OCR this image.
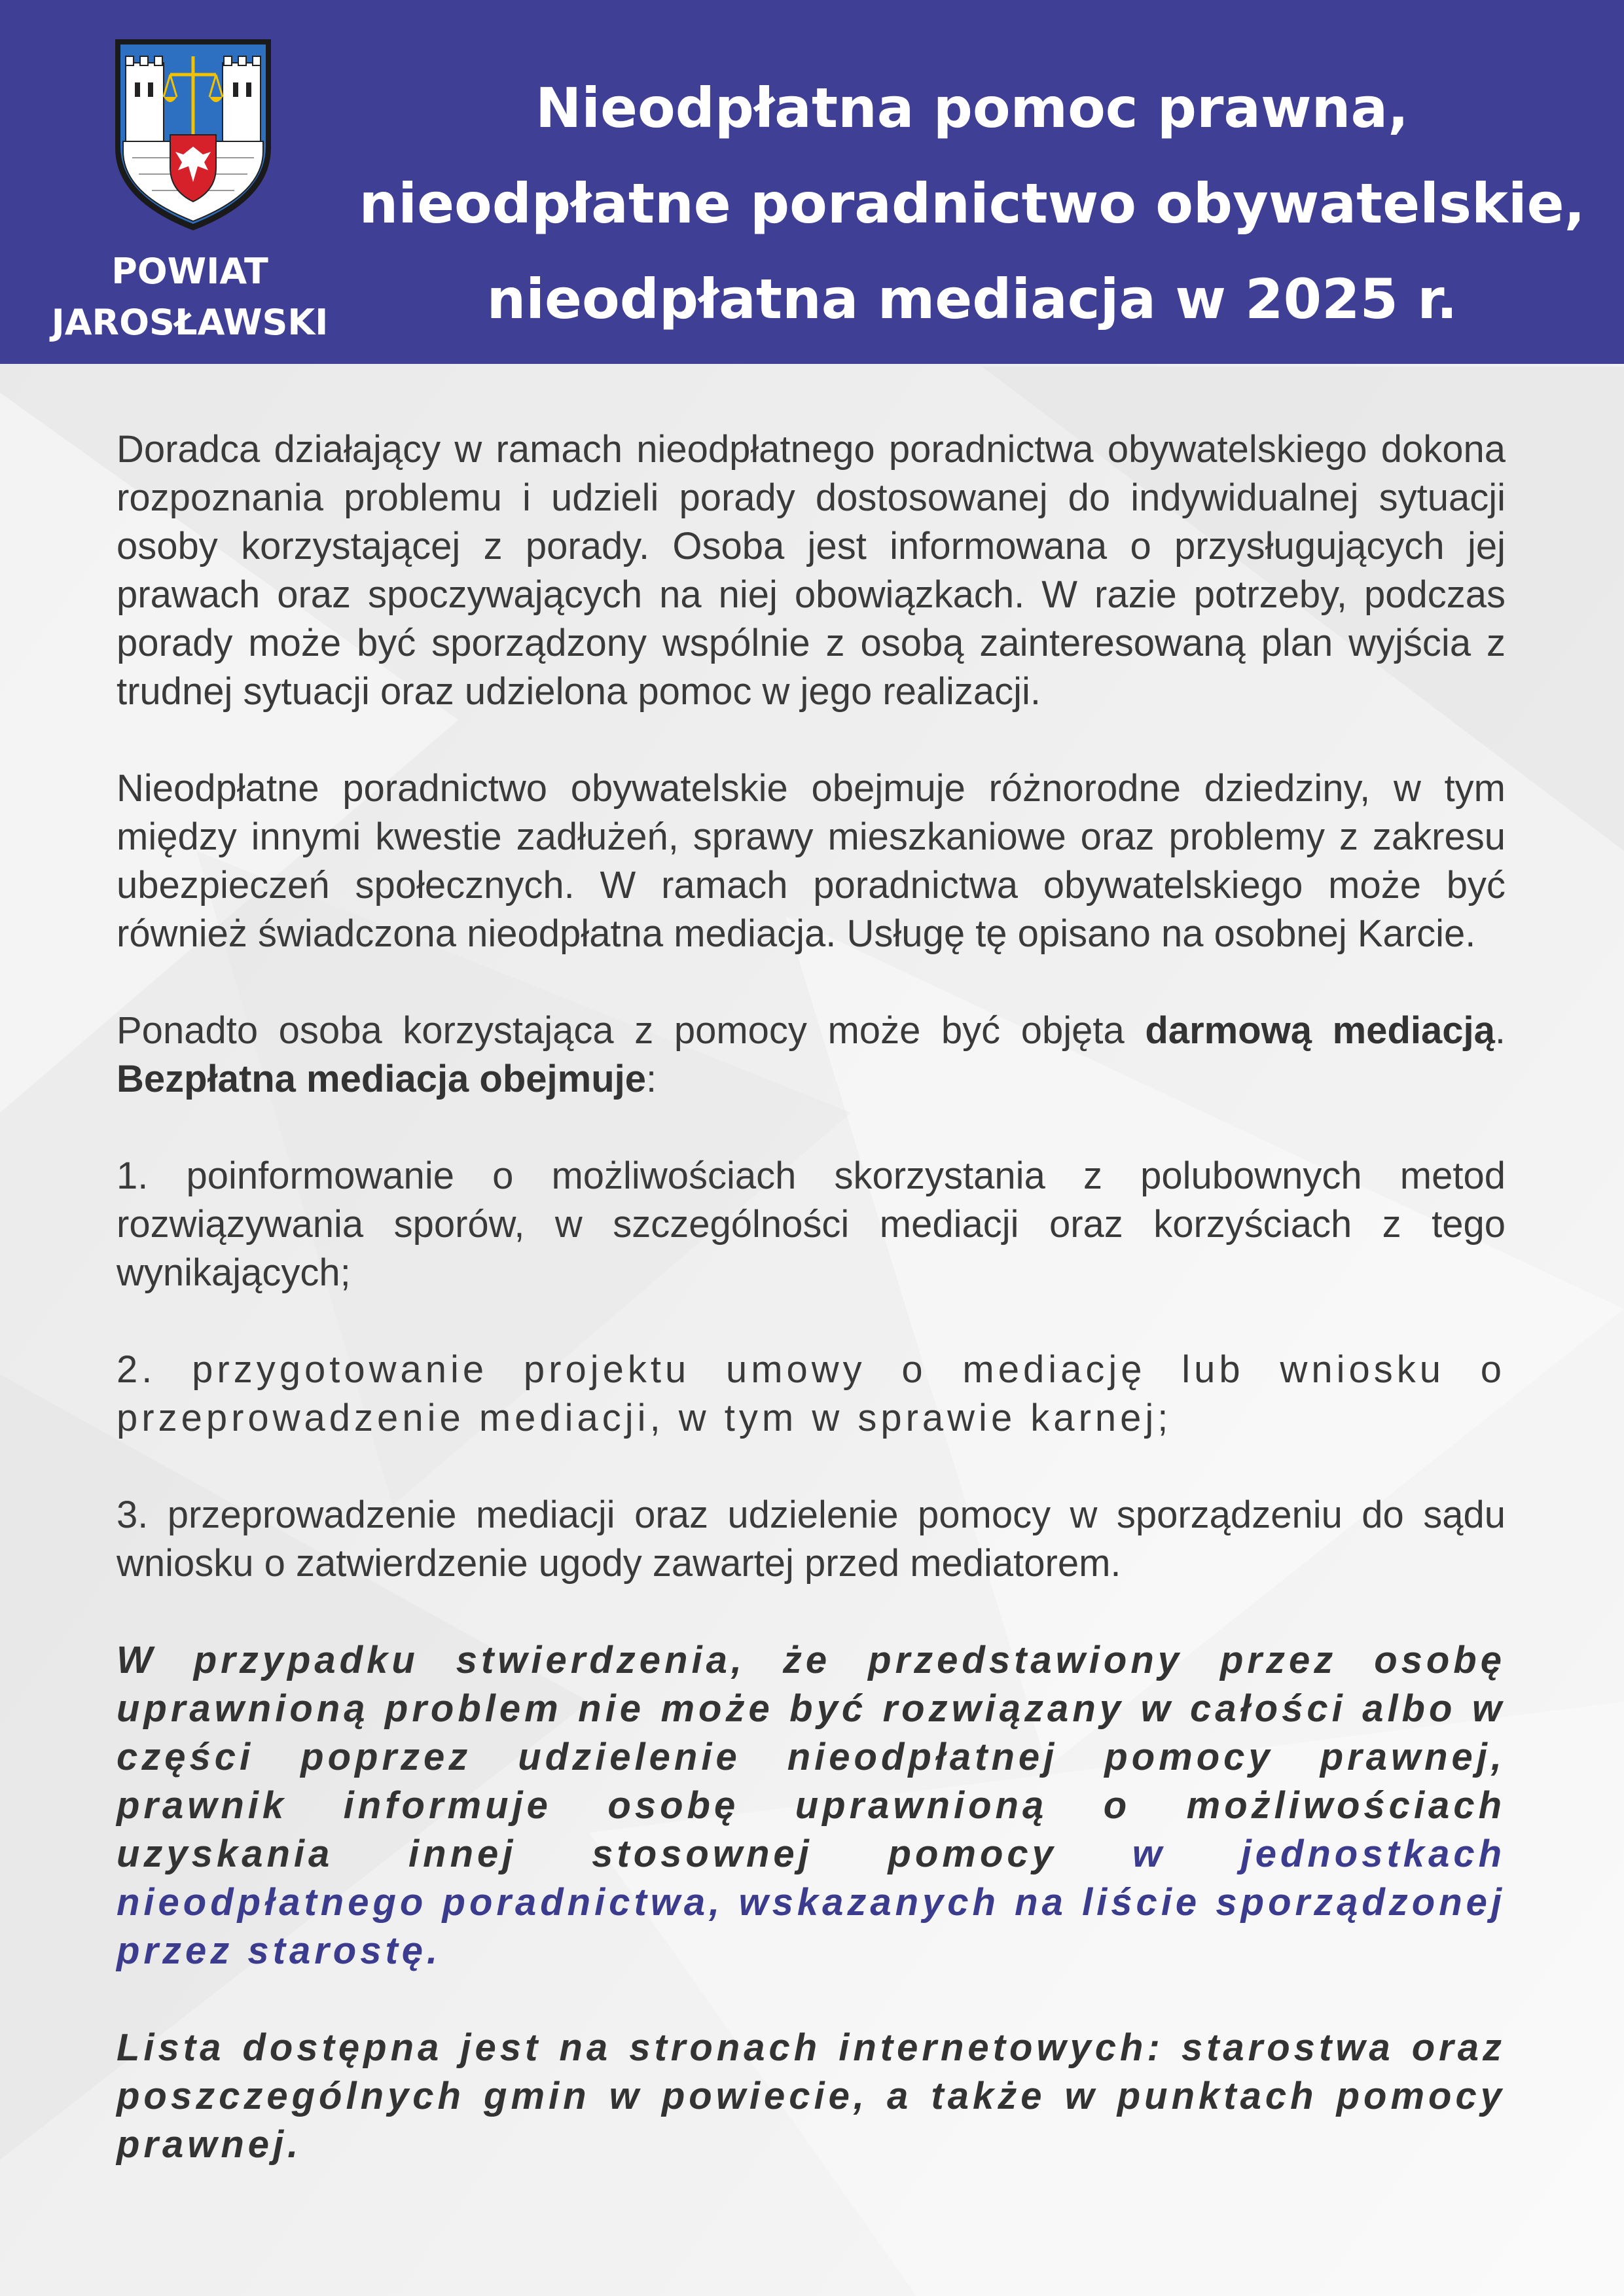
POWIAT
JAROSŁAWSKI
Nieodpłatna pomoc prawna,
nieodpłatne poradnictwo obywatelskie,
nieodpłatna mediacja w 2025 r.

Doradca działający w ramach nieodpłatnego poradnictwa obywatelskiego dokona rozpoznania problemu i udzieli porady dostosowanej do indywidualnej sytuacji osoby korzystającej z porady. Osoba jest informowana o przysługujących jej prawach oraz spoczywających na niej obowiązkach. W razie potrzeby, podczas porady może być sporządzony wspólnie z osobą zainteresowaną plan wyjścia z trudnej sytuacji oraz udzielona pomoc w jego realizacji.

Nieodpłatne poradnictwo obywatelskie obejmuje różnorodne dziedziny, w tym między innymi kwestie zadłużeń, sprawy mieszkaniowe oraz problemy z zakresu ubezpieczeń społecznych. W ramach poradnictwa obywatelskiego może być również świadczona nieodpłatna mediacja. Usługę tę opisano na osobnej Karcie.

Ponadto osoba korzystająca z pomocy może być objęta darmową mediacją. Bezpłatna mediacja obejmuje:

1. poinformowanie o możliwościach skorzystania z polubownych metod rozwiązywania sporów, w szczególności mediacji oraz korzyściach z tego wynikających;

2. przygotowanie projektu umowy o mediację lub wniosku o przeprowadzenie mediacji, w tym w sprawie karnej;

3. przeprowadzenie mediacji oraz udzielenie pomocy w sporządzeniu do sądu wniosku o zatwierdzenie ugody zawartej przed mediatorem.

W przypadku stwierdzenia, że przedstawiony przez osobę uprawnioną problem nie może być rozwiązany w całości albo w części poprzez udzielenie nieodpłatnej pomocy prawnej, prawnik informuje osobę uprawnioną o możliwościach uzyskania innej stosownej pomocy w jednostkach nieodpłatnego poradnictwa, wskazanych na liście sporządzonej przez starostę.

Lista dostępna jest na stronach internetowych: starostwa oraz poszczególnych gmin w powiecie, a także w punktach pomocy prawnej.
